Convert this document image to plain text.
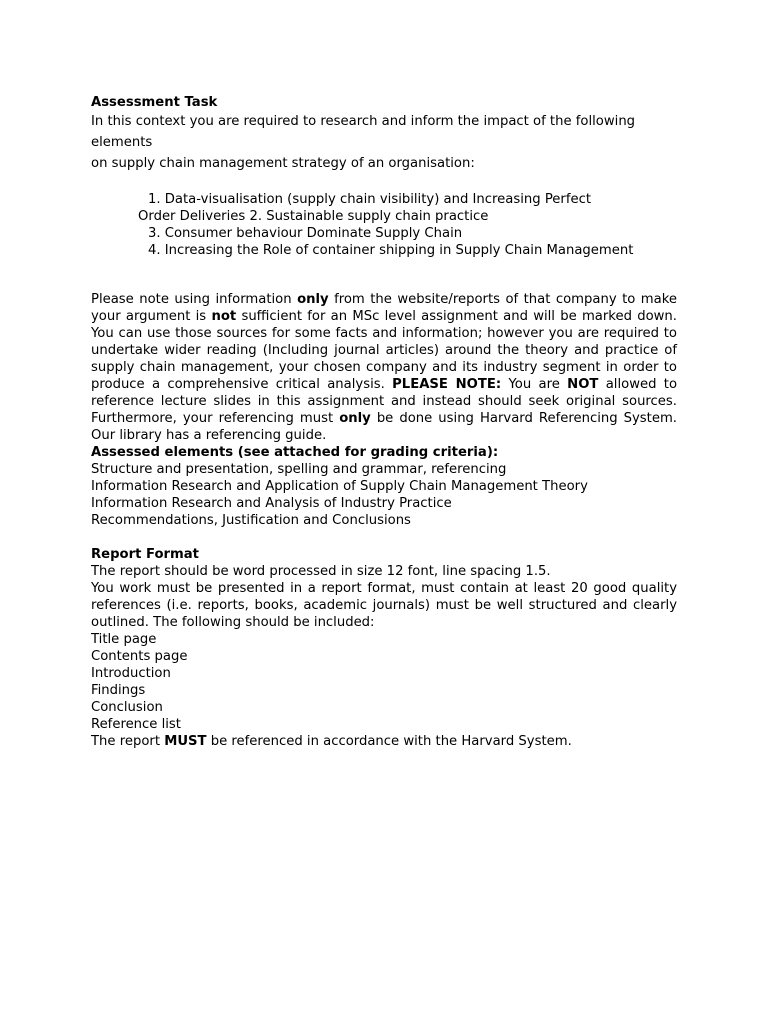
Assessment Task

In this context you are required to research and inform the impact of the following elements
on supply chain management strategy of an organisation:
1. Data-visualisation (supply chain visibility) and Increasing Perfect
Order Deliveries 2. Sustainable supply chain practice
3. Consumer behaviour Dominate Supply Chain
4. Increasing the Role of container shipping in Supply Chain Management

Please note using information only from the website/reports of that company to make your argument is not sufficient for an MSc level assignment and will be marked down. You can use those sources for some facts and information; however you are required to undertake wider reading (Including journal articles) around the theory and practice of supply chain management, your chosen company and its industry segment in order to produce a comprehensive critical analysis. PLEASE NOTE: You are NOT allowed to reference lecture slides in this assignment and instead should seek original sources. Furthermore, your referencing must only be done using Harvard Referencing System. Our library has a referencing guide.

Assessed elements (see attached for grading criteria):
Structure and presentation, spelling and grammar, referencing
Information Research and Application of Supply Chain Management Theory
Information Research and Analysis of Industry Practice
Recommendations, Justification and Conclusions
Report Format
The report should be word processed in size 12 font, line spacing 1.5.
You work must be presented in a report format, must contain at least 20 good quality references (i.e. reports, books, academic journals) must be well structured and clearly outlined. The following should be included:
Title page
Contents page
Introduction
Findings
Conclusion
Reference list
The report MUST be referenced in accordance with the Harvard System.
